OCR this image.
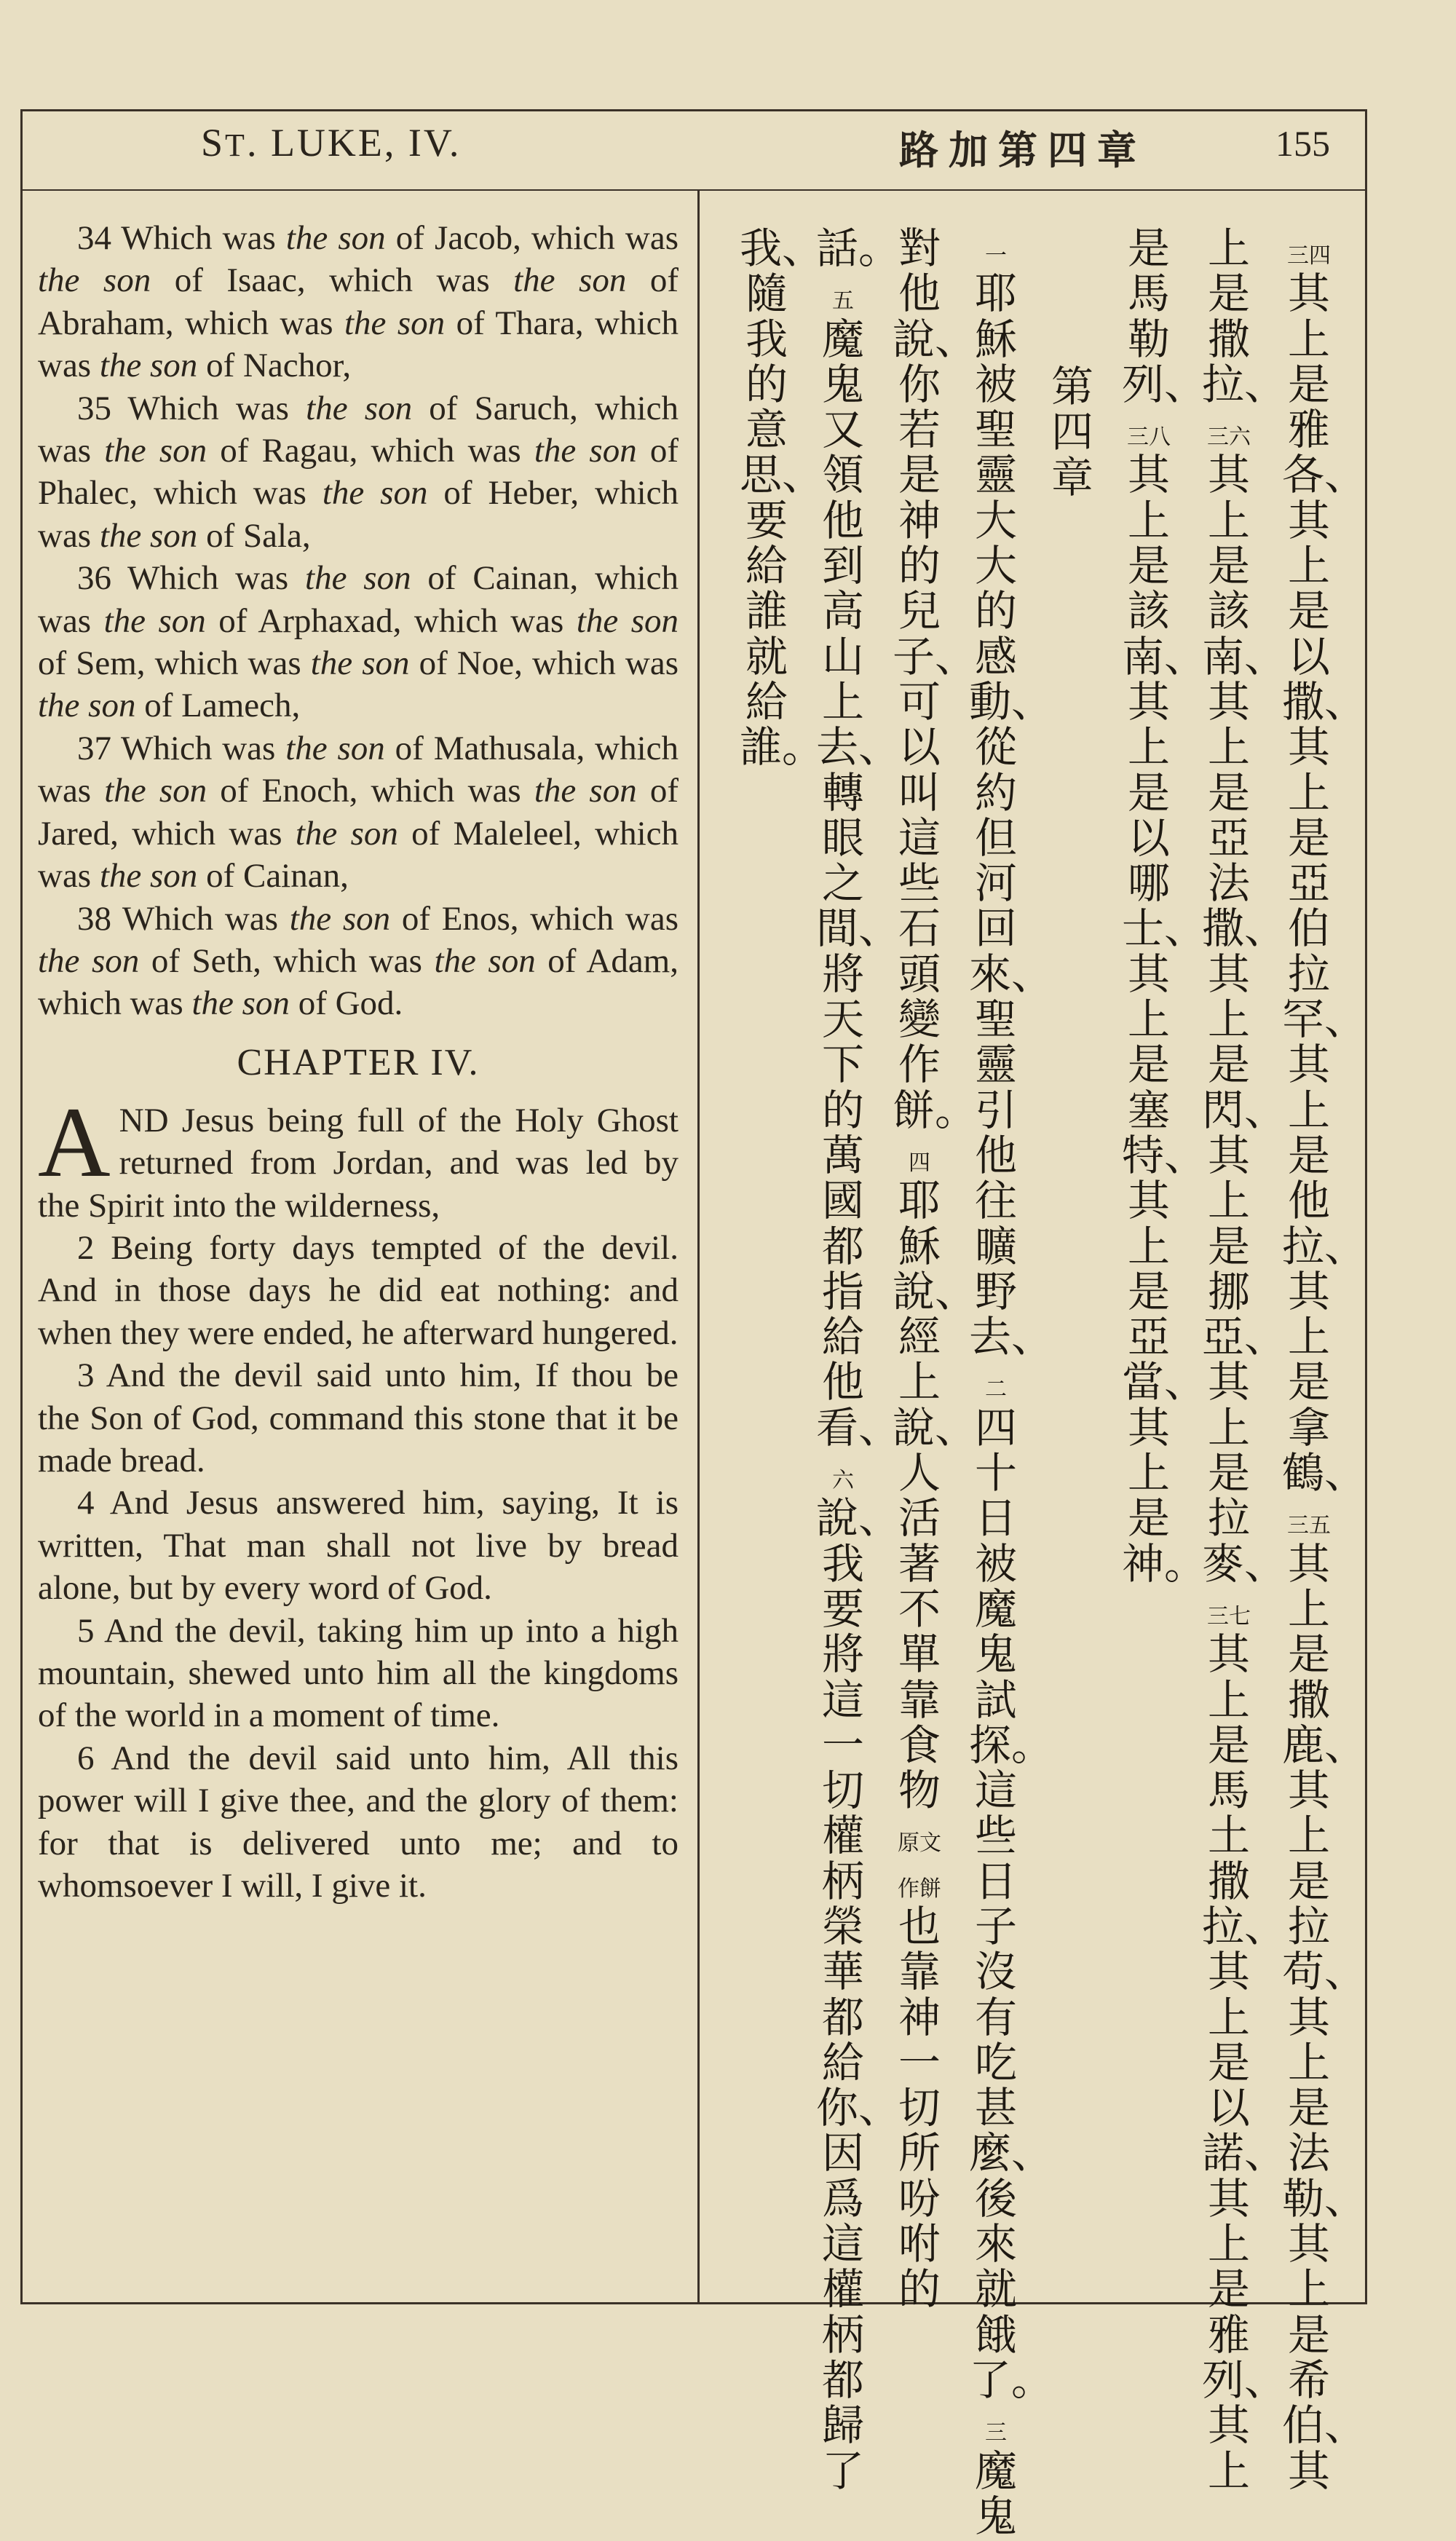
ST. LUKE, IV.	路加第四章	155

34 Which was the son of Jacob, which was the son of Isaac, which was the son of Abraham, which was the son of Thara, which was the son of Nachor,

35 Which was the son of Saruch, which was the son of Ragau, which was the son of Phalec, which was the son of Heber, which was the son of Sala,

36 Which was the son of Cainan, which was the son of Arphaxad, which was the son of Sem, which was the son of Noe, which was the son of Lamech,

37 Which was the son of Mathusala, which was the son of Enoch, which was the son of Jared, which was the son of Maleleel, which was the son of Cainan,

38 Which was the son of Enos, which was the son of Seth, which was the son of Adam, which was the son of God.

CHAPTER IV.

AND Jesus being full of the Holy Ghost returned from Jordan, and was led by the Spirit into the wilderness,

2 Being forty days tempted of the devil. And in those days he did eat nothing: and when they were ended, he afterward hungered.

3 And the devil said unto him, If thou be the Son of God, command this stone that it be made bread.

4 And Jesus answered him, saying, It is written, That man shall not live by bread alone, but by every word of God.

5 And the devil, taking him up into a high mountain, shewed unto him all the kingdoms of the world in a moment of time.

6 And the devil said unto him, All this power will I give thee, and the glory of them: for that is delivered unto me; and to whomsoever I will, I give it.

三四其上是雅各、其上是以撒、其上是亞伯拉罕、其上是他拉、其上是拿鶴、三五其上是撒鹿、其上是拉苟、其上是法勒、其上是希伯、其
上是撒拉、三六其上是該南、其上是亞法撒、其上是閃、其上是挪亞、其上是拉麥、三七其上是馬土撒拉、其上是以諾、其上是雅列、其上
是馬勒列、三八其上是該南、其上是以哪士、其上是塞特、其上是亞當、其上是　神。
第四章
一耶穌被聖靈大大的感動、從約但河回來、聖靈引他往曠野去、二四十日被魔鬼試探。這些日子沒有吃甚麼、後來就餓了。三魔鬼
對他說、你若是　神的兒子、可以叫這些石頭變作餅。四耶穌說、經上說、人活著不單靠食物原文作餅也靠　神一切所吩咐的
話。五魔鬼又領他到高山上去、轉眼之間、將天下的萬國都指給他看、六說、我要將這一切權柄榮華都給你、因爲這權柄都歸了
我、隨我的意思、要給誰就給誰。
